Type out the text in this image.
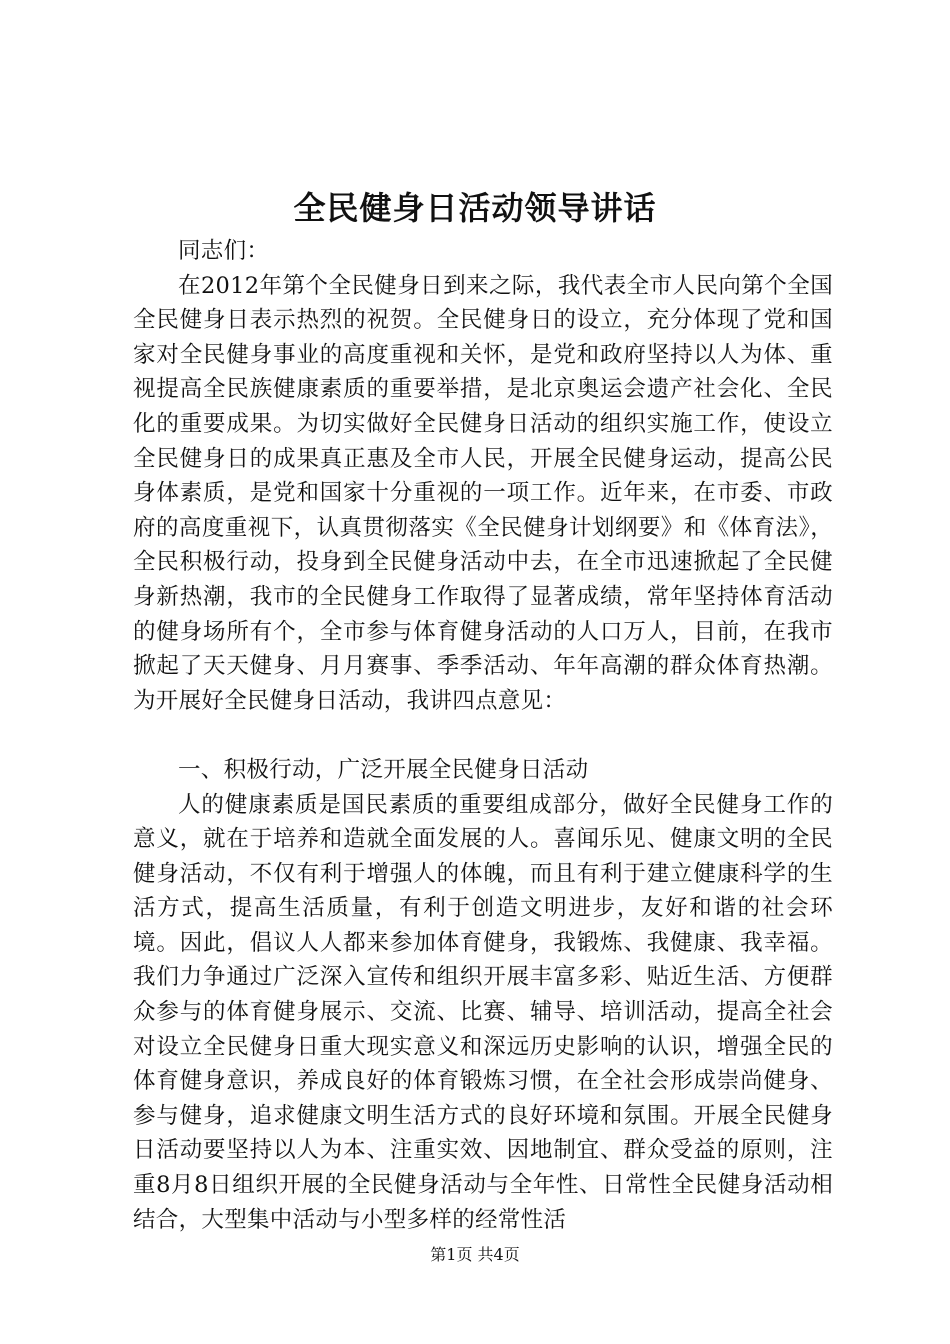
全民健身日活动领导讲话

同志们：

在2012年第个全民健身日到来之际，我代表全市人民向第个全国全民健身日表示热烈的祝贺。全民健身日的设立，充分体现了党和国家对全民健身事业的高度重视和关怀，是党和政府坚持以人为体、重视提高全民族健康素质的重要举措，是北京奥运会遗产社会化、全民化的重要成果。为切实做好全民健身日活动的组织实施工作，使设立全民健身日的成果真正惠及全市人民，开展全民健身运动，提高公民身体素质，是党和国家十分重视的一项工作。近年来，在市委、市政府的高度重视下，认真贯彻落实《全民健身计划纲要》和《体育法》，全民积极行动，投身到全民健身活动中去，在全市迅速掀起了全民健身新热潮，我市的全民健身工作取得了显著成绩，常年坚持体育活动的健身场所有个，全市参与体育健身活动的人口万人，目前，在我市掀起了天天健身、月月赛事、季季活动、年年高潮的群众体育热潮。为开展好全民健身日活动，我讲四点意见：

一、积极行动，广泛开展全民健身日活动

人的健康素质是国民素质的重要组成部分，做好全民健身工作的意义，就在于培养和造就全面发展的人。喜闻乐见、健康文明的全民健身活动，不仅有利于增强人的体魄，而且有利于建立健康科学的生活方式，提高生活质量，有利于创造文明进步，友好和谐的社会环境。因此，倡议人人都来参加体育健身，我锻炼、我健康、我幸福。我们力争通过广泛深入宣传和组织开展丰富多彩、贴近生活、方便群众参与的体育健身展示、交流、比赛、辅导、培训活动，提高全社会对设立全民健身日重大现实意义和深远历史影响的认识，增强全民的体育健身意识，养成良好的体育锻炼习惯，在全社会形成崇尚健身、参与健身，追求健康文明生活方式的良好环境和氛围。开展全民健身日活动要坚持以人为本、注重实效、因地制宜、群众受益的原则，注重8月8日组织开展的全民健身活动与全年性、日常性全民健身活动相结合，大型集中活动与小型多样的经常性活

第1页 共4页
